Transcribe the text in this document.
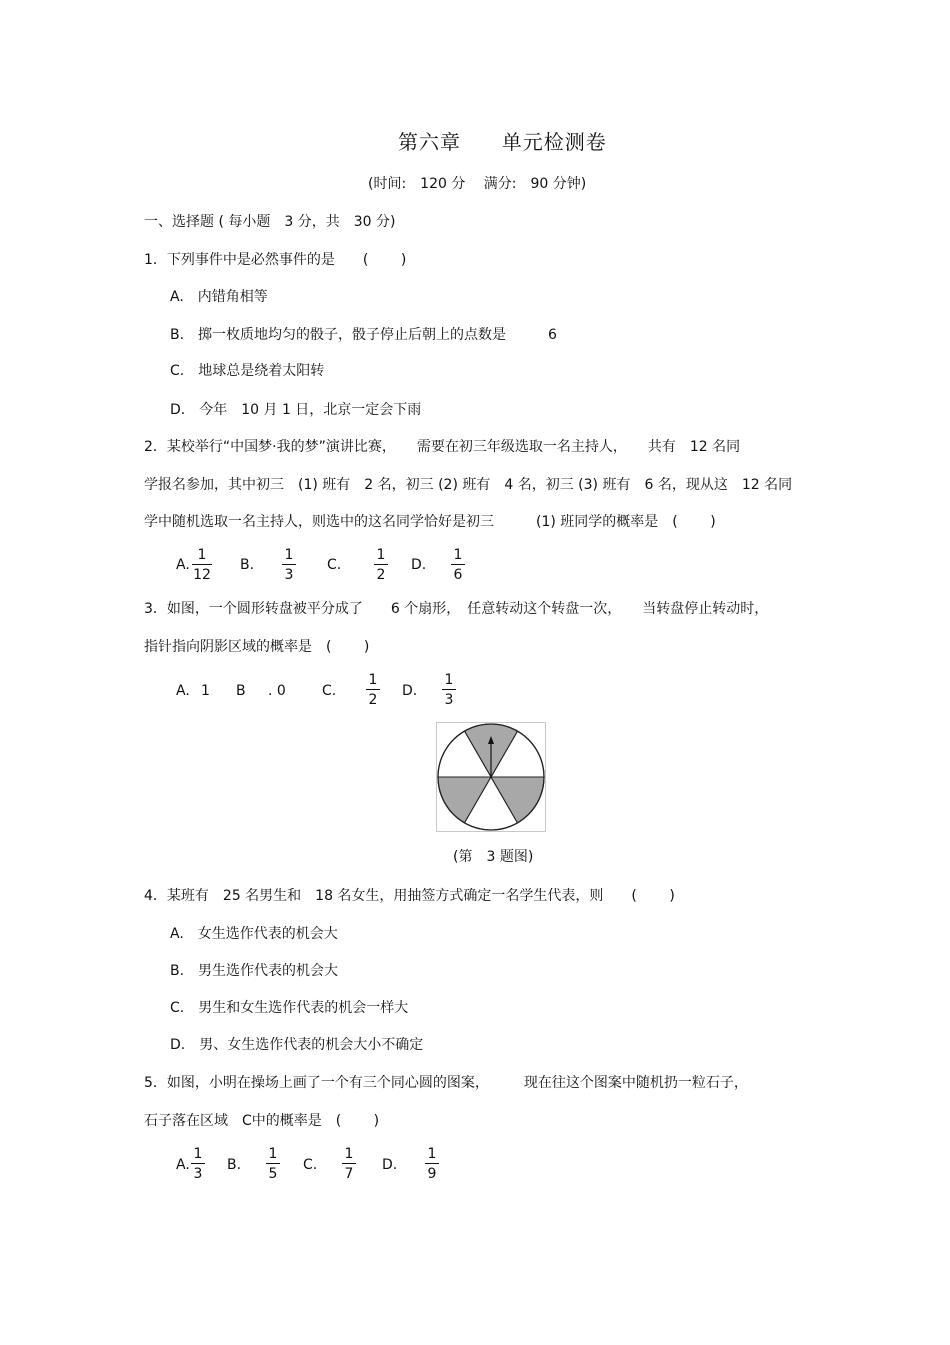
第六章 单元检测卷
(时间:　120 分　 满分:　90 分钟)
一、选择题 ( 每小题　3 分，共　30 分)
1．下列事件中是必然事件的是　　(　　 )
A.　内错角相等
B.　掷一枚质地均匀的骰子，骰子停止后朝上的点数是　　　6
C.　地球总是绕着太阳转
D.　今年　10 月 1 日，北京一定会下雨
2．某校举行“中国梦·我的梦”演讲比赛，　　需要在初三年级选取一名主持人，　　共有　12 名同
学报名参加，其中初三　(1) 班有　2 名，初三 (2) 班有　4 名，初三 (3) 班有　6 名，现从这　12 名同
学中随机选取一名主持人，则选中的这名同学恰好是初三　　　(1) 班同学的概率是　(　　 )
A.
1
12
B.
1
3
C.
1
2
D.
1
6
3．如图，一个圆形转盘被平分成了　　6 个扇形，　任意转动这个转盘一次，　　当转盘停止转动时，
指针指向阴影区域的概率是　(　　 )
A. 1 B . 0	C.
1
2
D.
1
3
(第　3 题图)
4．某班有　25 名男生和　18 名女生，用抽签方式确定一名学生代表，则　　(　　 )
A.　女生选作代表的机会大
B.　男生选作代表的机会大
C.　男生和女生选作代表的机会一样大
D.　男、女生选作代表的机会大小不确定
5．如图，小明在操场上画了一个有三个同心圆的图案，　　　现在往这个图案中随机扔一粒石子，
石子落在区域　C中的概率是　(　　 )
A.
1
3
B.
1
5
C.
1
7
D.
1
9
